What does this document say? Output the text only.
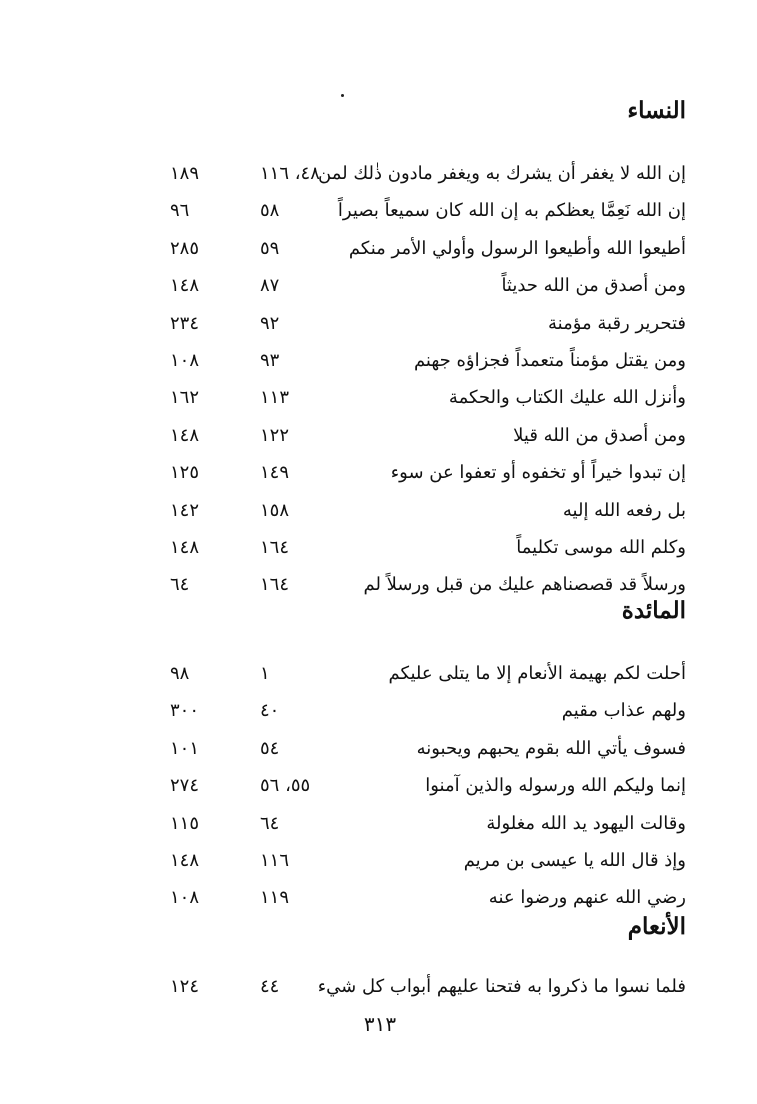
النساء
إن الله لا يغفر أن يشرك به ويغفر مادون ذٰلك لمن
٤٨، ١١٦
١٨٩
إن الله نَعِمَّا يعظكم به إن الله كان سميعاً بصيراً
٥٨
٩٦
أطيعوا الله وأطيعوا الرسول وأولي الأمر منكم
٥٩
٢٨٥
ومن أصدق من الله حديثاً
٨٧
١٤٨
فتحرير رقبة مؤمنة
٩٢
٢٣٤
ومن يقتل مؤمناً متعمداً فجزاؤه جهنم
٩٣
١٠٨
وأنزل الله عليك الكتاب والحكمة
١١٣
١٦٢
ومن أصدق من الله قيلا
١٢٢
١٤٨
إن تبدوا خيراً أو تخفوه أو تعفوا عن سوء
١٤٩
١٢٥
بل رفعه الله إليه
١٥٨
١٤٢
وكلم الله موسى تكليماً
١٦٤
١٤٨
ورسلاً قد قصصناهم عليك من قبل ورسلاً لم
١٦٤
٦٤
المائدة
أحلت لكم بهيمة الأنعام إلا ما يتلى عليكم
١
٩٨
ولهم عذاب مقيم
٤٠
٣٠٠
فسوف يأتي الله بقوم يحبهم ويحبونه
٥٤
١٠١
إنما وليكم الله ورسوله والذين آمنوا
٥٥، ٥٦
٢٧٤
وقالت اليهود يد الله مغلولة
٦٤
١١٥
وإذ قال الله يا عيسى بن مريم
١١٦
١٤٨
رضي الله عنهم ورضوا عنه
١١٩
١٠٨
الأنعام
فلما نسوا ما ذكروا به فتحنا عليهم أبواب كل شيء
٤٤
١٢٤
٣١٣
